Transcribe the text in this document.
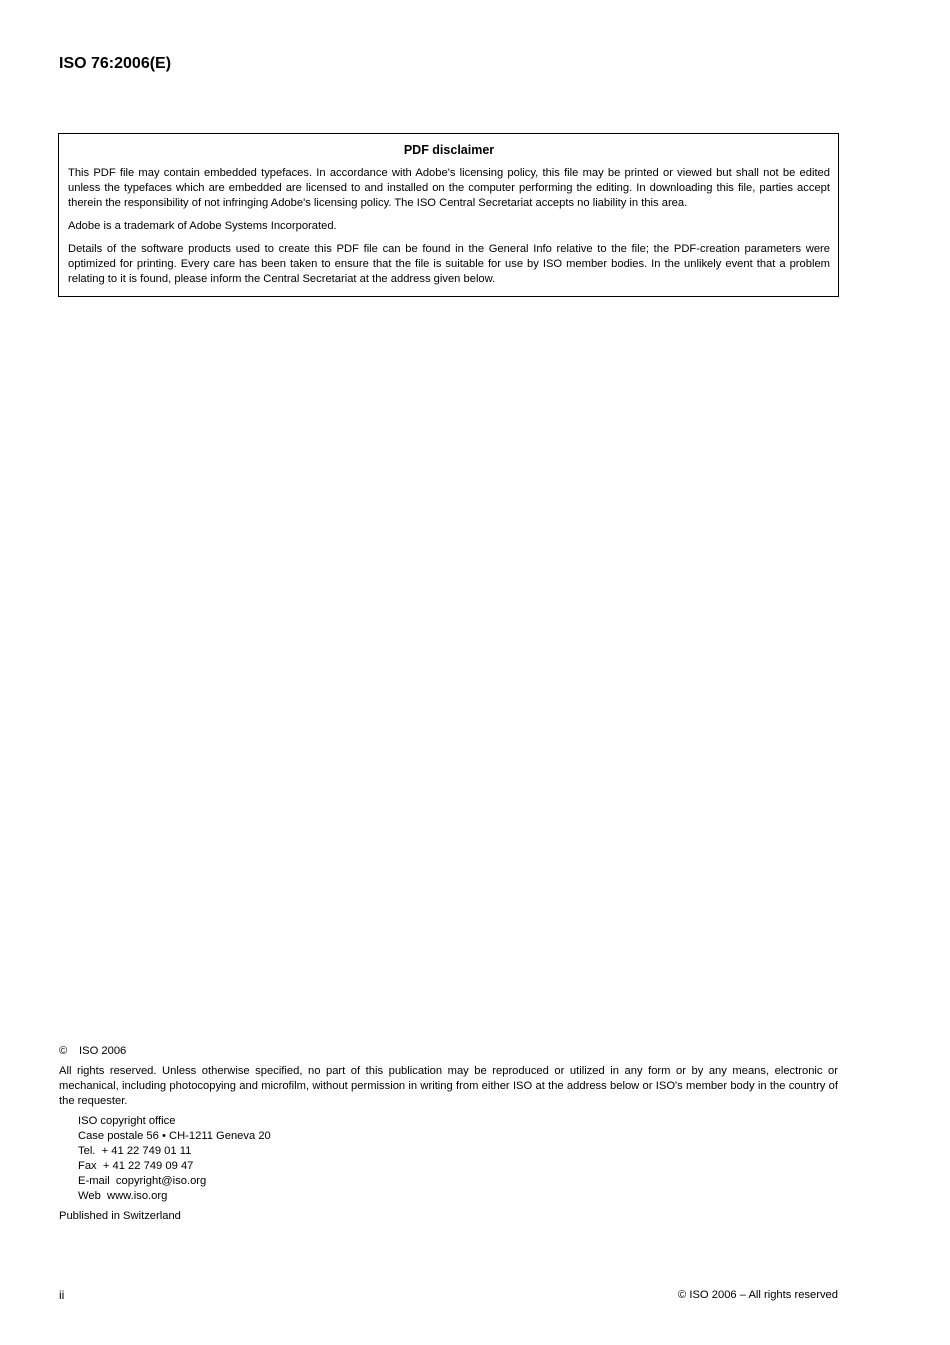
ISO 76:2006(E)
PDF disclaimer

This PDF file may contain embedded typefaces. In accordance with Adobe's licensing policy, this file may be printed or viewed but shall not be edited unless the typefaces which are embedded are licensed to and installed on the computer performing the editing. In downloading this file, parties accept therein the responsibility of not infringing Adobe's licensing policy. The ISO Central Secretariat accepts no liability in this area.

Adobe is a trademark of Adobe Systems Incorporated.

Details of the software products used to create this PDF file can be found in the General Info relative to the file; the PDF-creation parameters were optimized for printing. Every care has been taken to ensure that the file is suitable for use by ISO member bodies. In the unlikely event that a problem relating to it is found, please inform the Central Secretariat at the address given below.

© ISO 2006

All rights reserved. Unless otherwise specified, no part of this publication may be reproduced or utilized in any form or by any means, electronic or mechanical, including photocopying and microfilm, without permission in writing from either ISO at the address below or ISO's member body in the country of the requester.

ISO copyright office
Case postale 56 • CH-1211 Geneva 20
Tel.  + 41 22 749 01 11
Fax  + 41 22 749 09 47
E-mail  copyright@iso.org
Web  www.iso.org

Published in Switzerland

ii	© ISO 2006 – All rights reserved
